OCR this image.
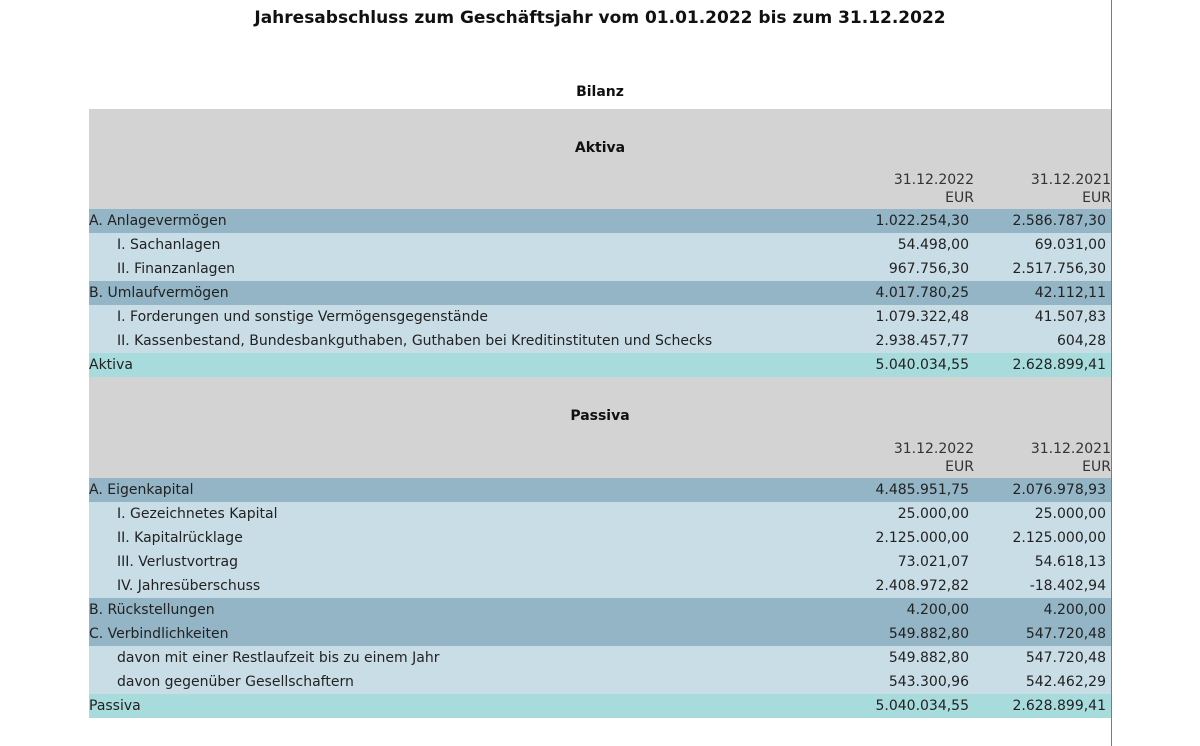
Jahresabschluss zum Geschäftsjahr vom 01.01.2022 bis zum 31.12.2022
Bilanz
Aktiva
31.12.2022
EUR
31.12.2021
EUR
A. Anlagevermögen	1.022.254,30	2.586.787,30
I. Sachanlagen	54.498,00	69.031,00
II. Finanzanlagen	967.756,30	2.517.756,30
B. Umlaufvermögen	4.017.780,25	42.112,11
I. Forderungen und sonstige Vermögensgegenstände	1.079.322,48	41.507,83
II. Kassenbestand, Bundesbankguthaben, Guthaben bei Kreditinstituten und Schecks	2.938.457,77	604,28
Aktiva	5.040.034,55	2.628.899,41
Passiva
31.12.2022
EUR
31.12.2021
EUR
A. Eigenkapital	4.485.951,75	2.076.978,93
I. Gezeichnetes Kapital	25.000,00	25.000,00
II. Kapitalrücklage	2.125.000,00	2.125.000,00
III. Verlustvortrag	73.021,07	54.618,13
IV. Jahresüberschuss	2.408.972,82	-18.402,94
B. Rückstellungen	4.200,00	4.200,00
C. Verbindlichkeiten	549.882,80	547.720,48
davon mit einer Restlaufzeit bis zu einem Jahr	549.882,80	547.720,48
davon gegenüber Gesellschaftern	543.300,96	542.462,29
Passiva	5.040.034,55	2.628.899,41
